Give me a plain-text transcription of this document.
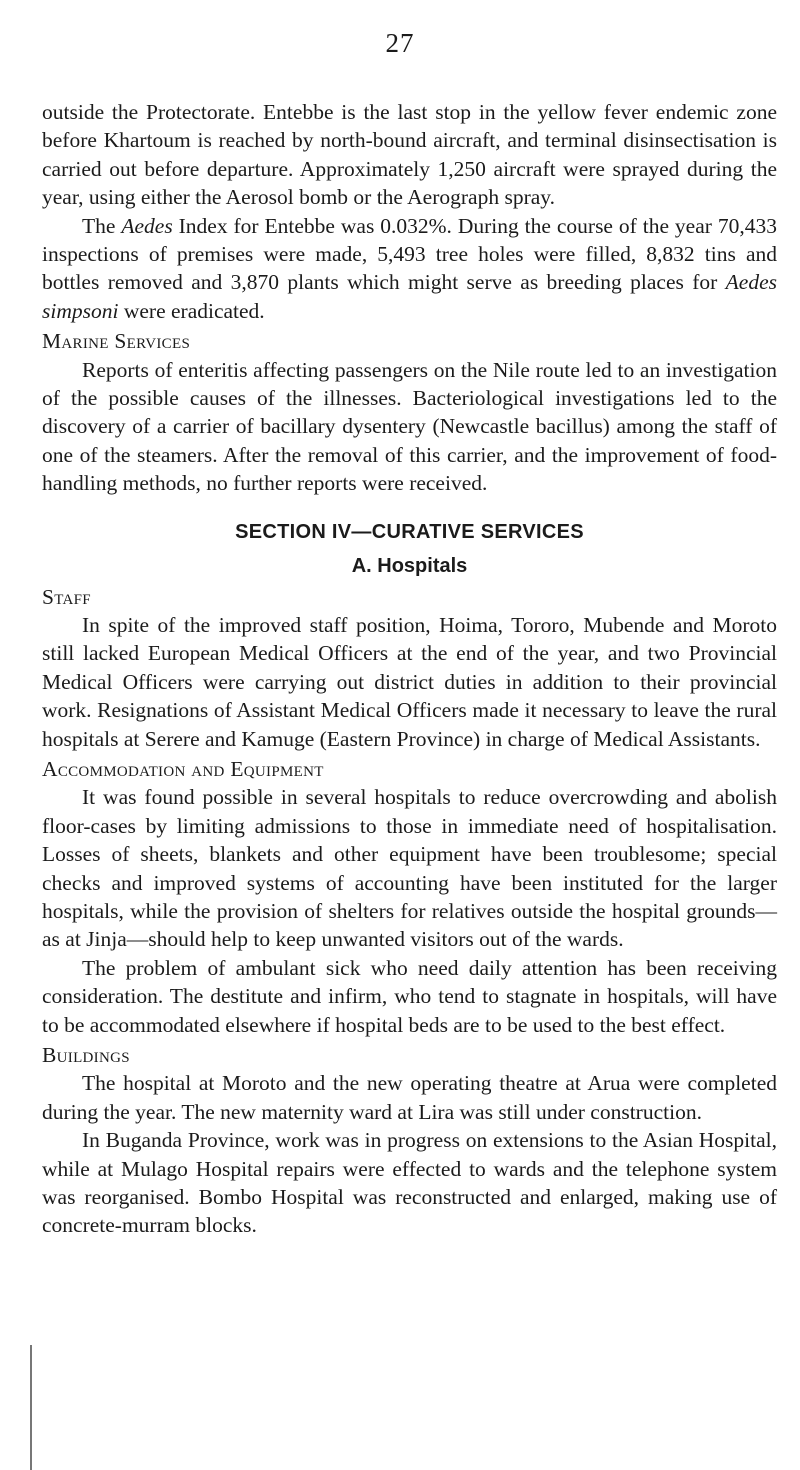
27

outside the Protectorate. Entebbe is the last stop in the yellow fever endemic zone before Khartoum is reached by north-bound aircraft, and terminal disinsectisation is carried out before departure. Approximately 1,250 aircraft were sprayed during the year, using either the Aerosol bomb or the Aerograph spray.

The Aedes Index for Entebbe was 0.032%. During the course of the year 70,433 inspections of premises were made, 5,493 tree holes were filled, 8,832 tins and bottles removed and 3,870 plants which might serve as breeding places for Aedes simpsoni were eradicated.

Marine Services

Reports of enteritis affecting passengers on the Nile route led to an investigation of the possible causes of the illnesses. Bacteriological investigations led to the discovery of a carrier of bacillary dysentery (Newcastle bacillus) among the staff of one of the steamers. After the removal of this carrier, and the improvement of food-handling methods, no further reports were received.

SECTION IV—CURATIVE SERVICES

A. Hospitals

Staff

In spite of the improved staff position, Hoima, Tororo, Mubende and Moroto still lacked European Medical Officers at the end of the year, and two Provincial Medical Officers were carrying out district duties in addition to their provincial work. Resignations of Assistant Medical Officers made it necessary to leave the rural hospitals at Serere and Kamuge (Eastern Province) in charge of Medical Assistants.

Accommodation and Equipment

It was found possible in several hospitals to reduce overcrowding and abolish floor-cases by limiting admissions to those in immediate need of hospitalisation. Losses of sheets, blankets and other equipment have been troublesome; special checks and improved systems of accounting have been instituted for the larger hospitals, while the provision of shelters for relatives outside the hospital grounds—as at Jinja—should help to keep unwanted visitors out of the wards.

The problem of ambulant sick who need daily attention has been receiving consideration. The destitute and infirm, who tend to stagnate in hospitals, will have to be accommodated elsewhere if hospital beds are to be used to the best effect.

Buildings

The hospital at Moroto and the new operating theatre at Arua were completed during the year. The new maternity ward at Lira was still under construction.

In Buganda Province, work was in progress on extensions to the Asian Hospital, while at Mulago Hospital repairs were effected to wards and the telephone system was reorganised. Bombo Hospital was reconstructed and enlarged, making use of concrete-murram blocks.
